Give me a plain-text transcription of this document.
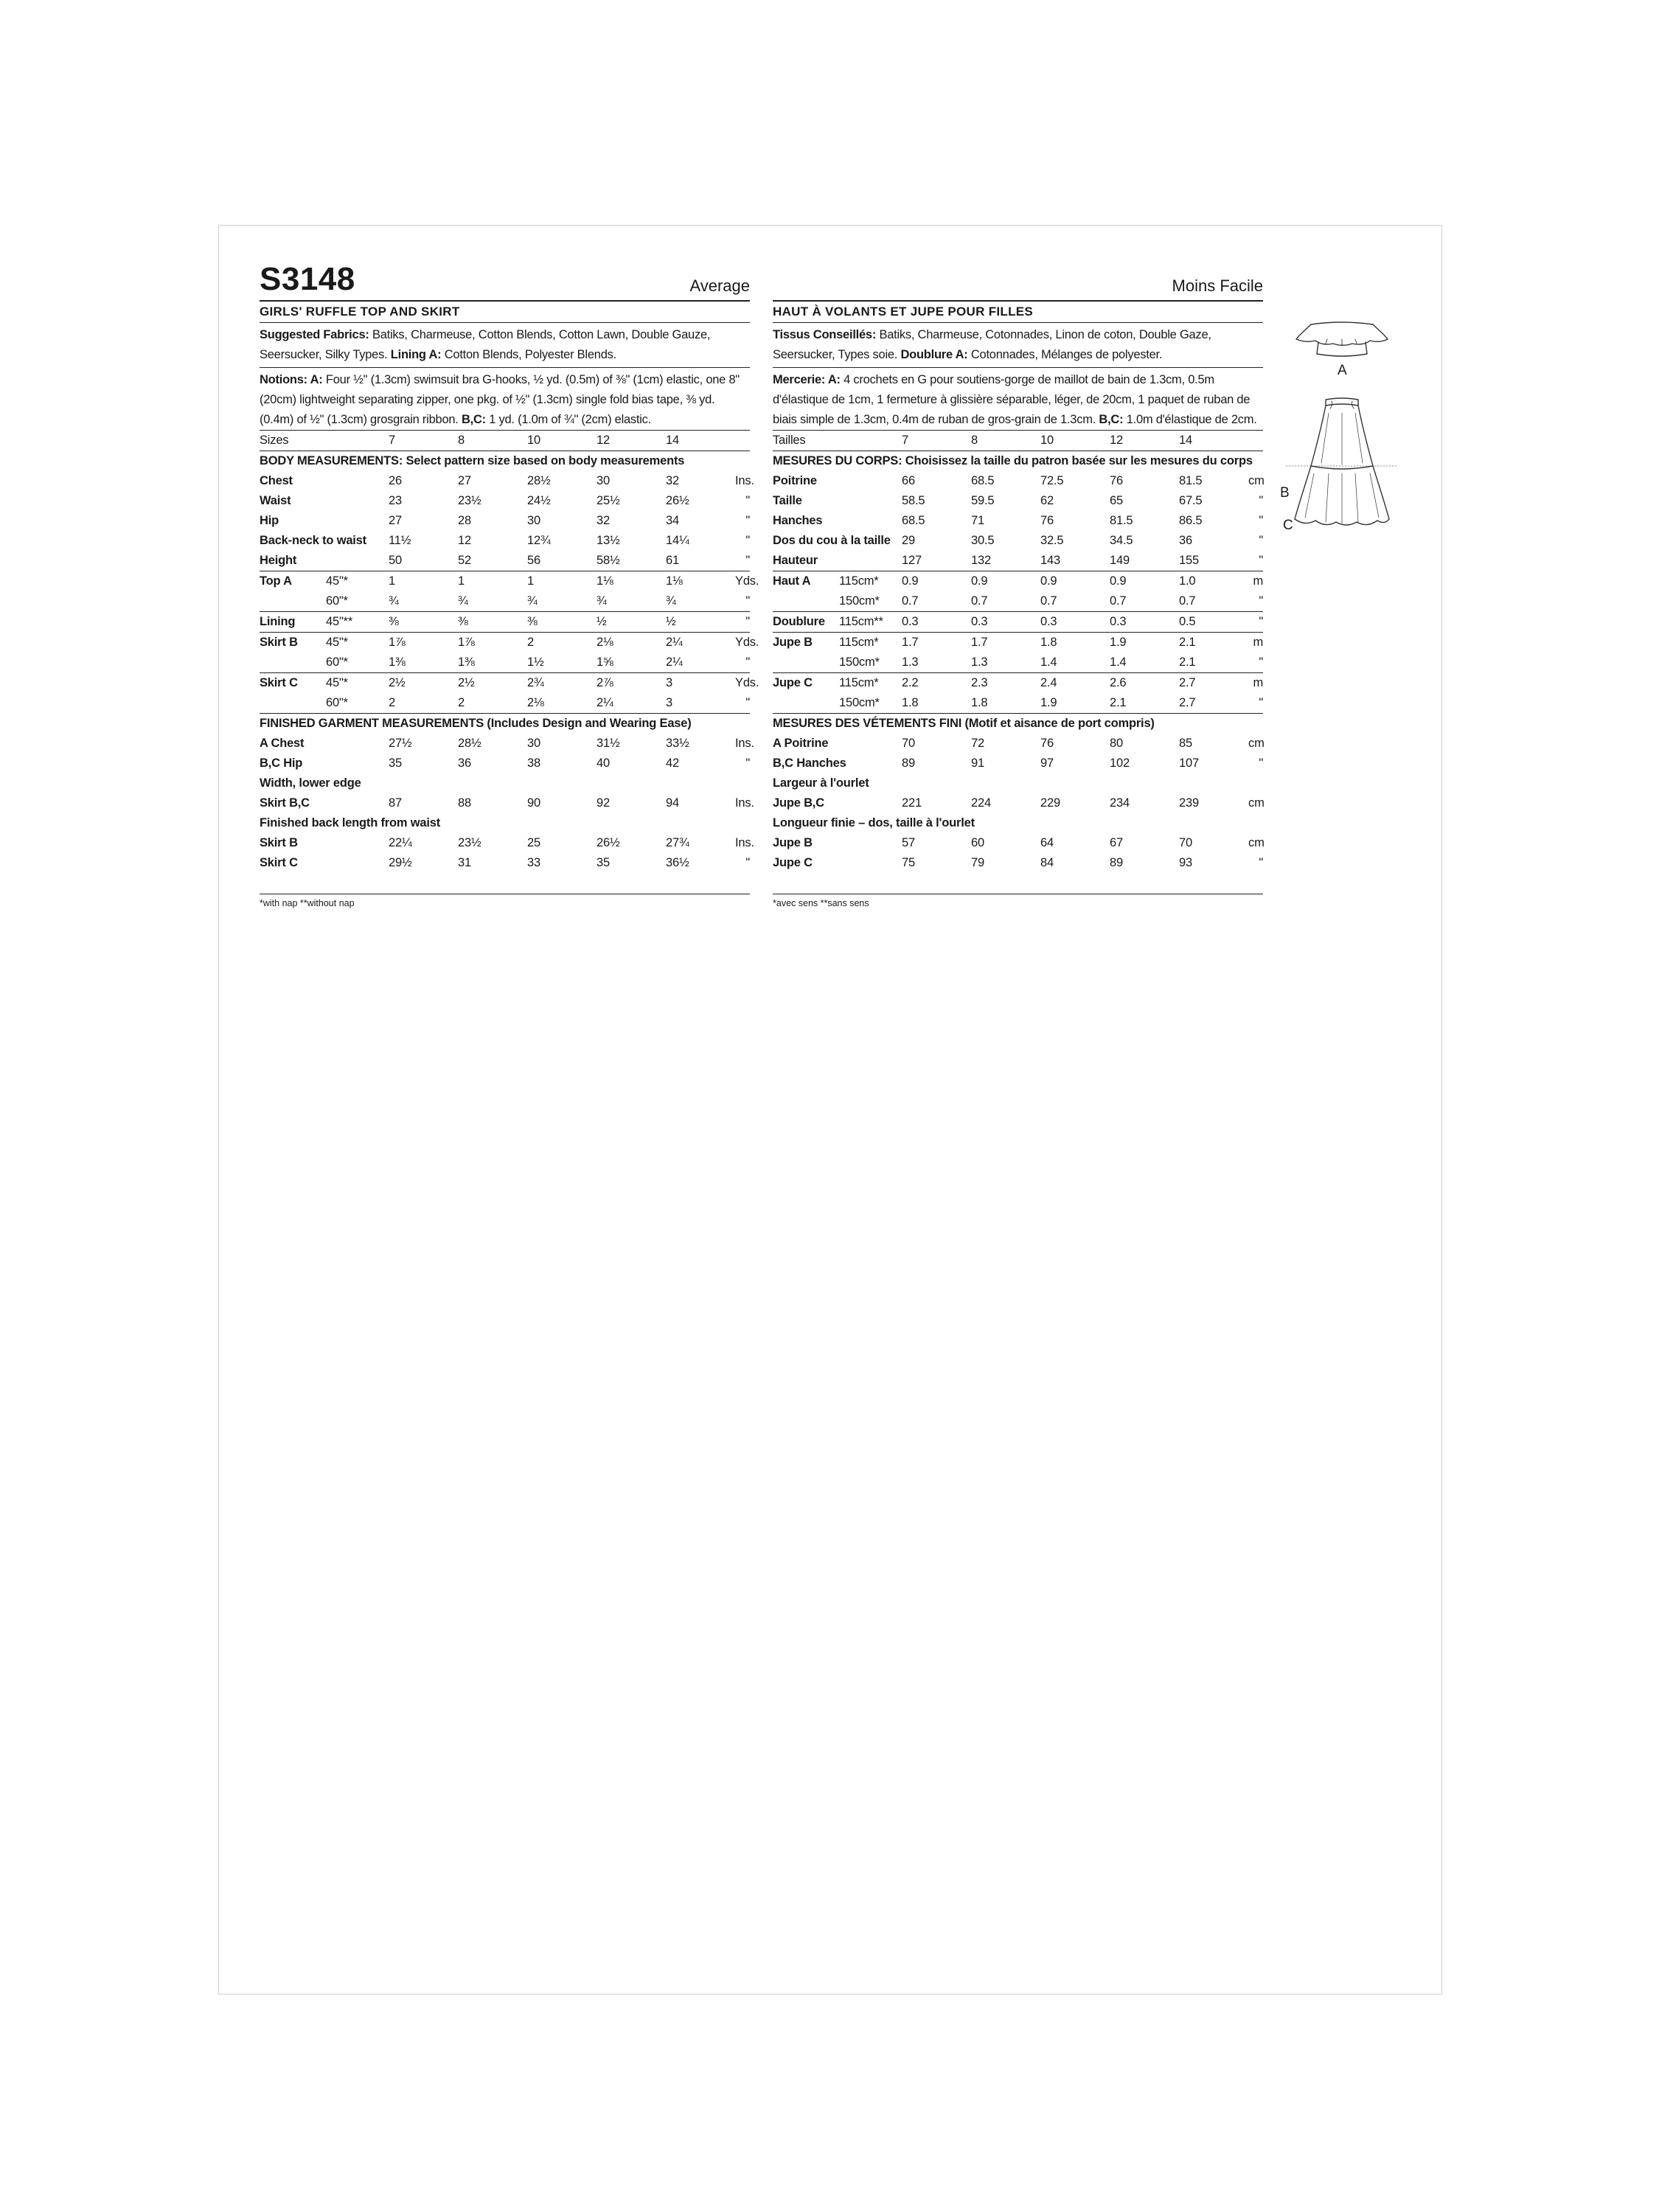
S3148	Average
GIRLS' RUFFLE TOP AND SKIRT
Suggested Fabrics: Batiks, Charmeuse, Cotton Blends, Cotton Lawn, Double Gauze, Seersucker, Silky Types. Lining A: Cotton Blends, Polyester Blends.
Notions: A: Four ½" (1.3cm) swimsuit bra G-hooks, ½ yd. (0.5m) of ⅜" (1cm) elastic, one 8" (20cm) lightweight separating zipper, one pkg. of ½" (1.3cm) single fold bias tape, ⅜ yd. (0.4m) of ½" (1.3cm) grosgrain ribbon. B,C: 1 yd. (1.0m of ¾" (2cm) elastic.
Sizes		7	8	10	12	14	
BODY MEASUREMENTS: Select pattern size based on body measurements							
Chest		26	27	28½	30	32	Ins.
Waist		23	23½	24½	25½	26½	"
Hip		27	28	30	32	34	"
Back-neck to waist		11½	12	12¾	13½	14¼	"
Height		50	52	56	58½	61	"
Top A	45"*	1	1	1	1⅛	1⅛	Yds.
	60"*	¾	¾	¾	¾	¾	"
Lining	45"**	⅜	⅜	⅜	½	½	"
Skirt B	45"*	1⅞	1⅞	2	2⅛	2¼	Yds.
	60"*	1⅜	1⅜	1½	1⅝	2¼	"
Skirt C	45"*	2½	2½	2¾	2⅞	3	Yds.
	60"*	2	2	2⅛	2¼	3	"
FINISHED GARMENT MEASUREMENTS (Includes Design and Wearing Ease)							
A Chest		27½	28½	30	31½	33½	Ins.
B,C Hip		35	36	38	40	42	"
Width, lower edge							
Skirt B,C		87	88	90	92	94	Ins.
Finished back length from waist							
Skirt B		22¼	23½	25	26½	27¾	Ins.
Skirt C		29½	31	33	35	36½	"
*with nap **without nap
Moins Facile
HAUT À VOLANTS ET JUPE POUR FILLES
Tissus Conseillés: Batiks, Charmeuse, Cotonnades, Linon de coton, Double Gaze, Seersucker, Types soie. Doublure A: Cotonnades, Mélanges de polyester.
Mercerie: A: 4 crochets en G pour soutiens-gorge de maillot de bain de 1.3cm, 0.5m d'élastique de 1cm, 1 fermeture à glissière séparable, léger, de 20cm, 1 paquet de ruban de biais simple de 1.3cm, 0.4m de ruban de gros-grain de 1.3cm. B,C: 1.0m d'élastique de 2cm.
Tailles		7	8	10	12	14	
MESURES DU CORPS: Choisissez la taille du patron basée sur les mesures du corps							
Poitrine		66	68.5	72.5	76	81.5	cm
Taille		58.5	59.5	62	65	67.5	"
Hanches		68.5	71	76	81.5	86.5	"
Dos du cou à la taille		29	30.5	32.5	34.5	36	"
Hauteur		127	132	143	149	155	"
Haut A	115cm*	0.9	0.9	0.9	0.9	1.0	m
	150cm*	0.7	0.7	0.7	0.7	0.7	"
Doublure	115cm**	0.3	0.3	0.3	0.3	0.5	"
Jupe B	115cm*	1.7	1.7	1.8	1.9	2.1	m
	150cm*	1.3	1.3	1.4	1.4	2.1	"
Jupe C	115cm*	2.2	2.3	2.4	2.6	2.7	m
	150cm*	1.8	1.8	1.9	2.1	2.7	"
MESURES DES VÉTEMENTS FINI (Motif et aisance de port compris)							
A Poitrine		70	72	76	80	85	cm
B,C Hanches		89	91	97	102	107	"
Largeur à l'ourlet							
Jupe B,C		221	224	229	234	239	cm
Longueur finie – dos, taille à l'ourlet							
Jupe B		57	60	64	67	70	cm
Jupe C		75	79	84	89	93	"
*avec sens **sans sens
A
B
C
